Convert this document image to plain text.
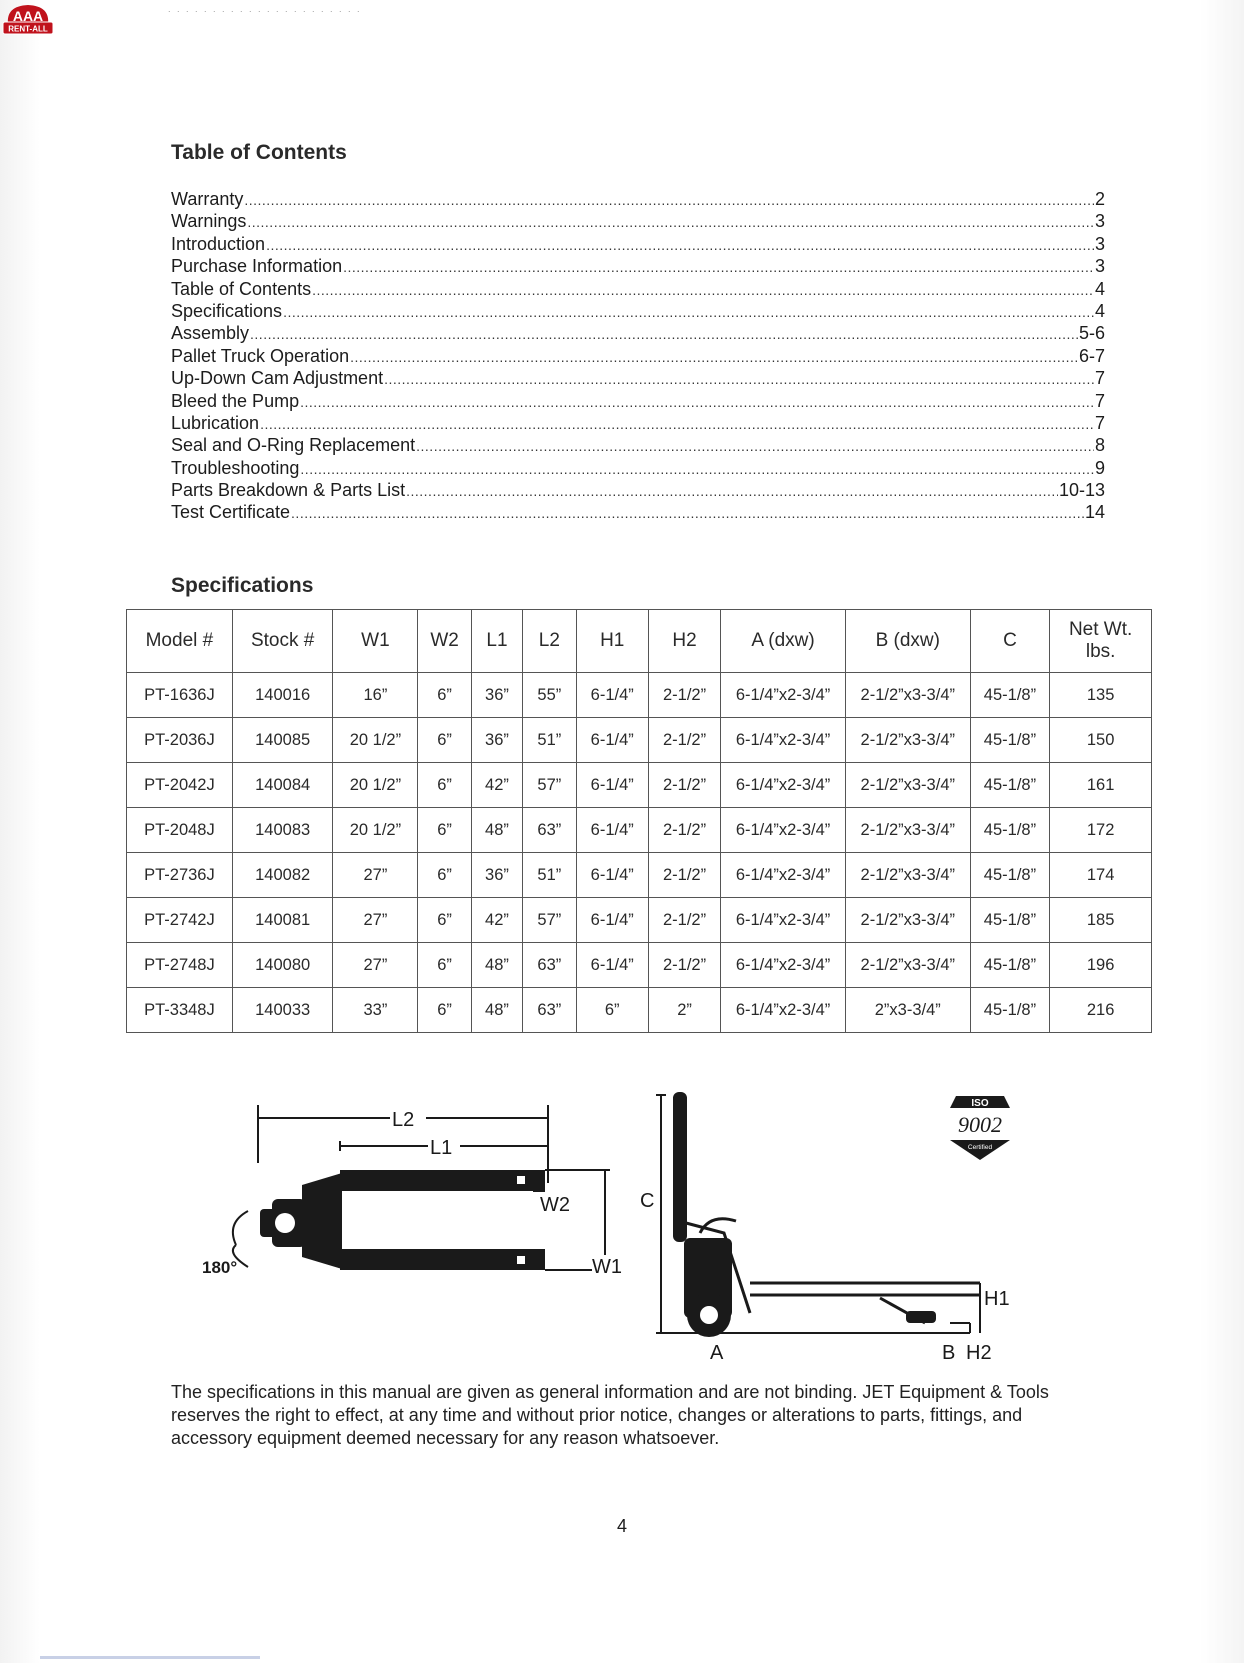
AAA
RENT-ALL
. . . . . . . . . . . . . . . . . . . . . .
Table of Contents
Warranty .....	2
Warnings .....	3
Introduction .....	3
Purchase Information .....	3
Table of Contents .....	4
Specifications .....	4
Assembly .....	5-6
Pallet Truck Operation .....	6-7
Up-Down Cam Adjustment .....	7
Bleed the Pump .....	7
Lubrication .....	7
Seal and O-Ring Replacement .....	8
Troubleshooting .....	9
Parts Breakdown & Parts List .....	10-13
Test Certificate .....	14
Specifications
Model #	Stock #	W1	W2	L1	L2	H1	H2	A (dxw)	B (dxw)	C	Net Wt.
lbs.
PT-1636J	140016	16”	6”	36”	55”	6-1/4”	2-1/2”	6-1/4”x2-3/4”	2-1/2”x3-3/4”	45-1/8”	135
PT-2036J	140085	20 1/2”	6”	36”	51”	6-1/4”	2-1/2”	6-1/4”x2-3/4”	2-1/2”x3-3/4”	45-1/8”	150
PT-2042J	140084	20 1/2”	6”	42”	57”	6-1/4”	2-1/2”	6-1/4”x2-3/4”	2-1/2”x3-3/4”	45-1/8”	161
PT-2048J	140083	20 1/2”	6”	48”	63”	6-1/4”	2-1/2”	6-1/4”x2-3/4”	2-1/2”x3-3/4”	45-1/8”	172
PT-2736J	140082	27”	6”	36”	51”	6-1/4”	2-1/2”	6-1/4”x2-3/4”	2-1/2”x3-3/4”	45-1/8”	174
PT-2742J	140081	27”	6”	42”	57”	6-1/4”	2-1/2”	6-1/4”x2-3/4”	2-1/2”x3-3/4”	45-1/8”	185
PT-2748J	140080	27”	6”	48”	63”	6-1/4”	2-1/2”	6-1/4”x2-3/4”	2-1/2”x3-3/4”	45-1/8”	196
PT-3348J	140033	33”	6”	48”	63”	6”	2”	6-1/4”x2-3/4”	2”x3-3/4”	45-1/8”	216
L2
L1
W2
W1
180°
C
H1
A	B H2
ISO
9002
Certified
The specifications in this manual are given as general information and are not binding. JET Equipment & Tools reserves the right to effect, at any time and without prior notice, changes or alterations to parts, fittings, and accessory equipment deemed necessary for any reason whatsoever.
4
